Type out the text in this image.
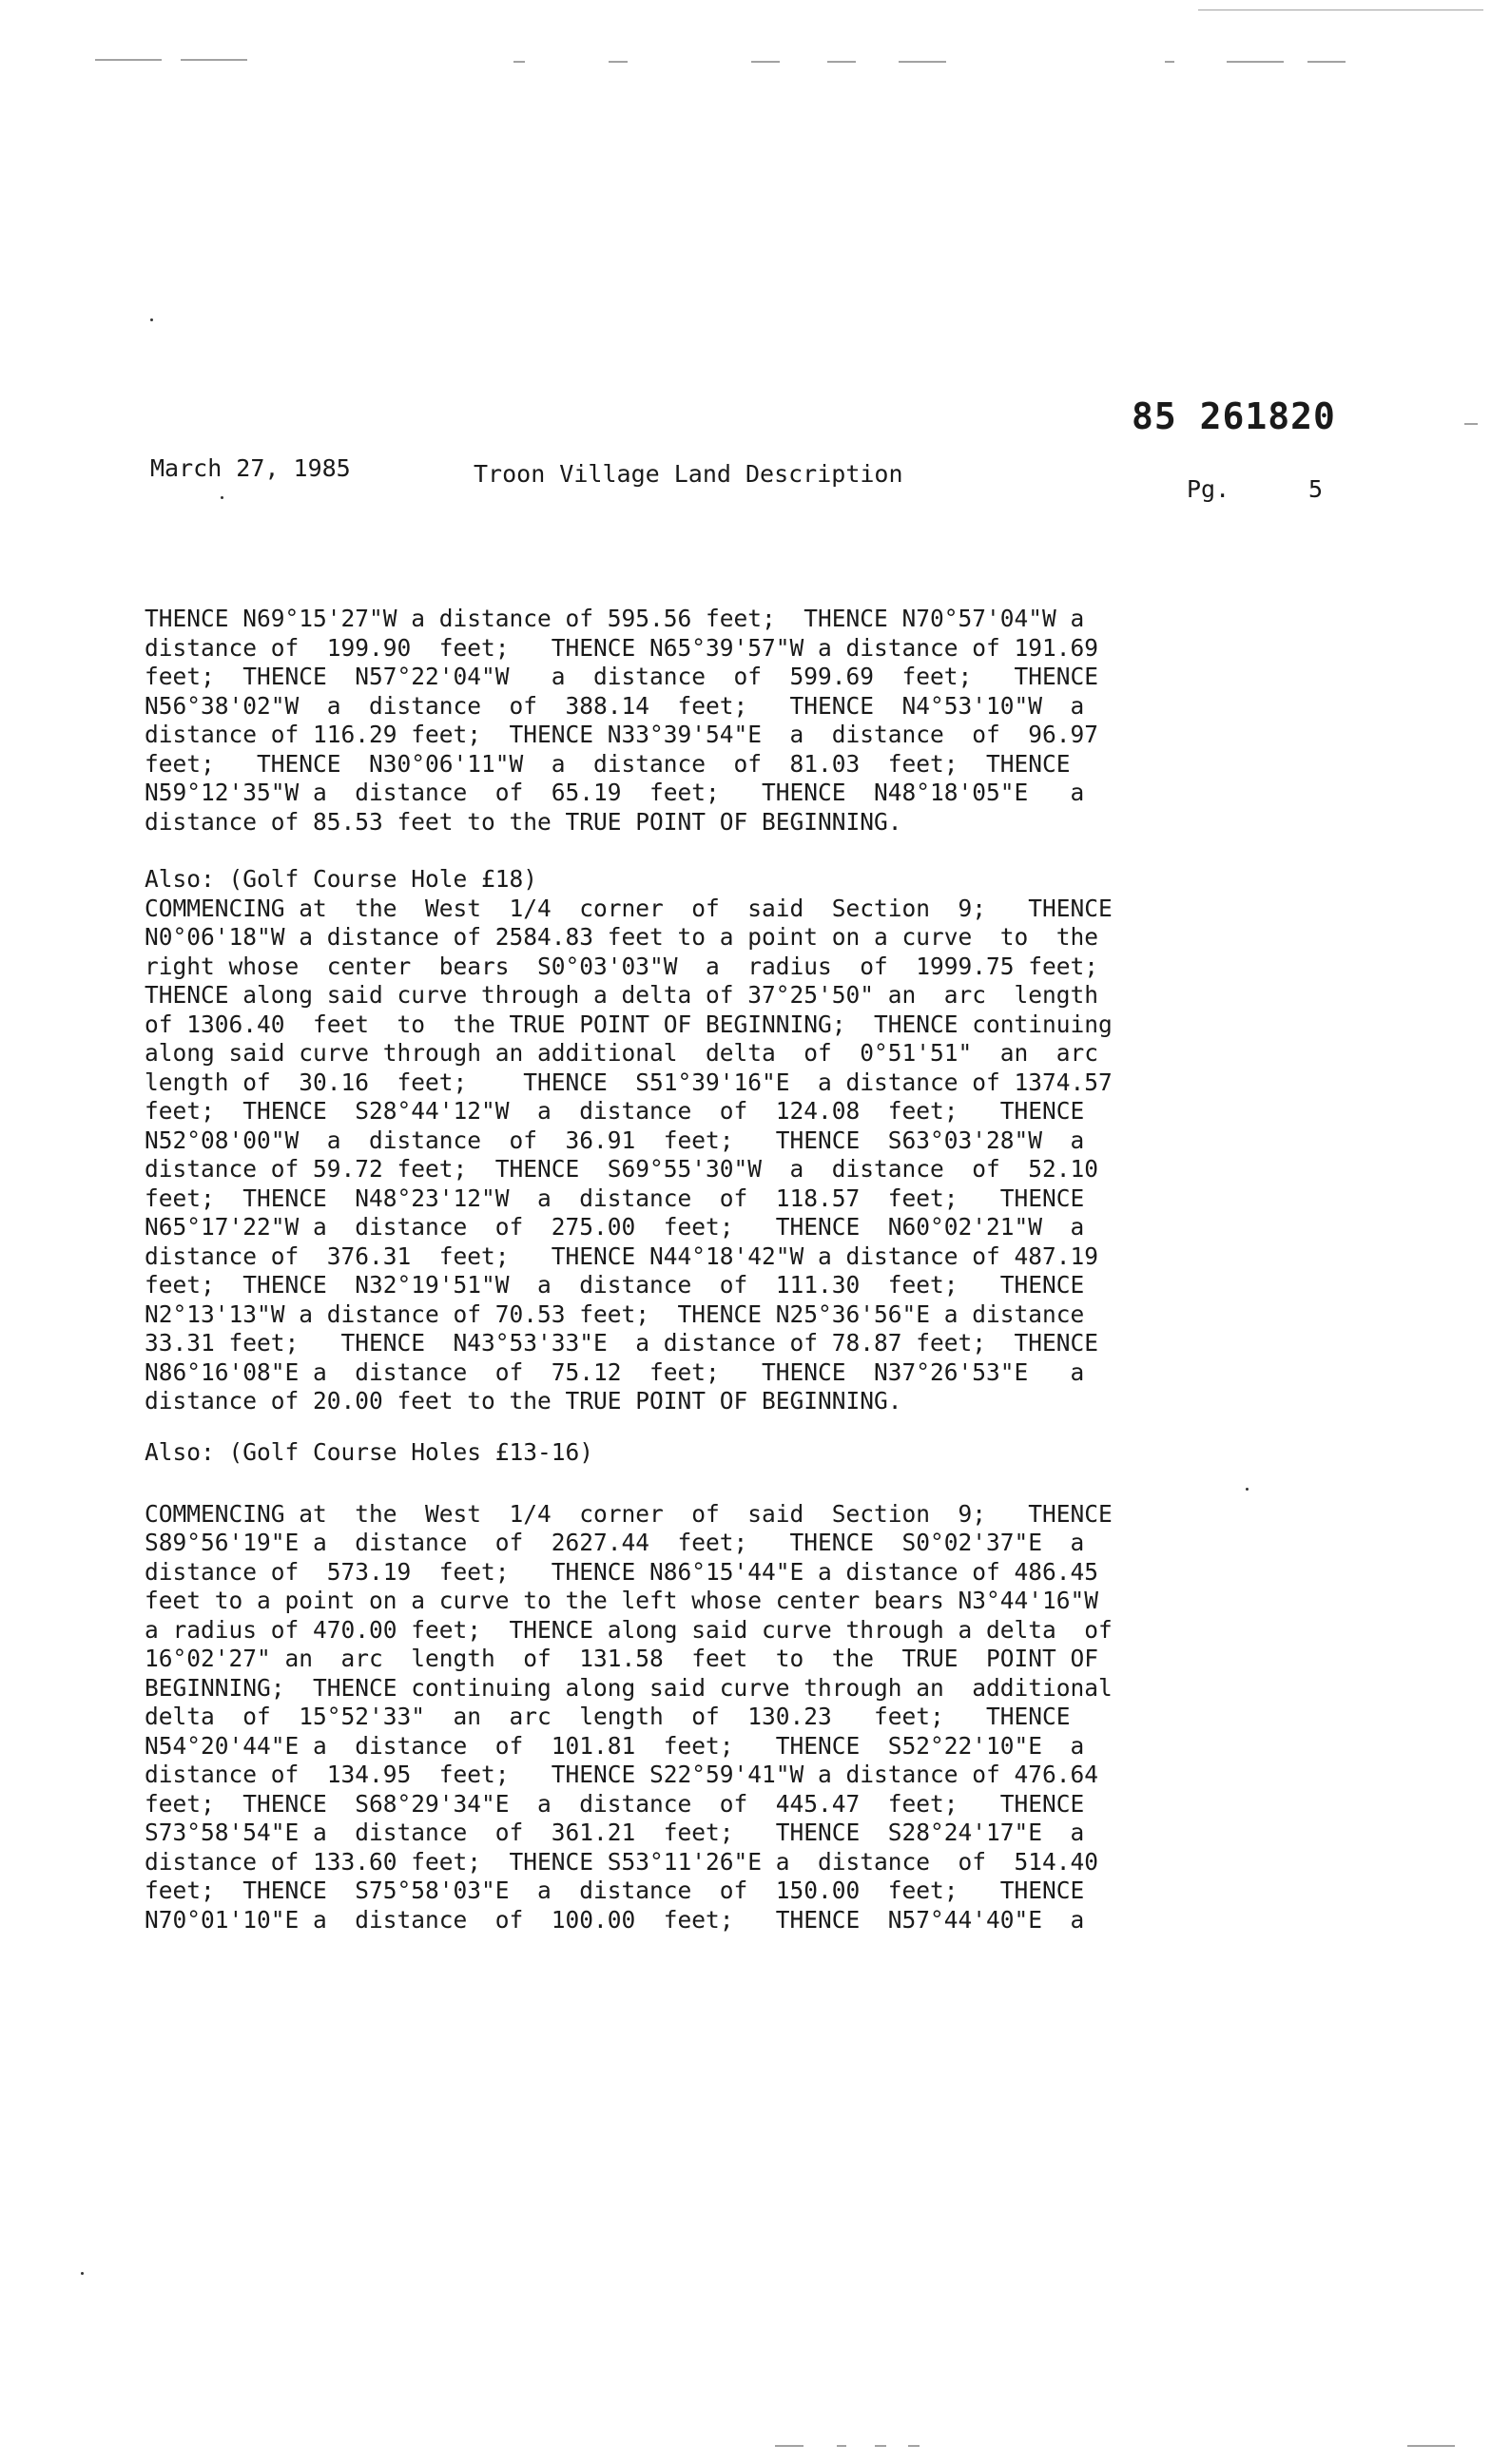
85 261820
March 27, 1985	Troon Village Land Description
Pg.	5

THENCE N69°15'27"W a distance of 595.56 feet;  THENCE N70°57'04"W a
distance of  199.90  feet;   THENCE N65°39'57"W a distance of 191.69
feet;  THENCE  N57°22'04"W   a  distance  of  599.69  feet;   THENCE
N56°38'02"W  a  distance  of  388.14  feet;   THENCE  N4°53'10"W  a
distance of 116.29 feet;  THENCE N33°39'54"E  a  distance  of  96.97
feet;   THENCE  N30°06'11"W  a  distance  of  81.03  feet;  THENCE
N59°12'35"W a  distance  of  65.19  feet;   THENCE  N48°18'05"E   a
distance of 85.53 feet to the TRUE POINT OF BEGINNING.

Also: (Golf Course Hole £18)

COMMENCING at  the  West  1/4  corner  of  said  Section  9;   THENCE
N0°06'18"W a distance of 2584.83 feet to a point on a curve  to  the
right whose  center  bears  S0°03'03"W  a  radius  of  1999.75 feet;
THENCE along said curve through a delta of 37°25'50" an  arc  length
of 1306.40  feet  to  the TRUE POINT OF BEGINNING;  THENCE continuing
along said curve through an additional  delta  of  0°51'51"  an  arc
length of  30.16  feet;    THENCE  S51°39'16"E  a distance of 1374.57
feet;  THENCE  S28°44'12"W  a  distance  of  124.08  feet;   THENCE
N52°08'00"W  a  distance  of  36.91  feet;   THENCE  S63°03'28"W  a
distance of 59.72 feet;  THENCE  S69°55'30"W  a  distance  of  52.10
feet;  THENCE  N48°23'12"W  a  distance  of  118.57  feet;   THENCE
N65°17'22"W a  distance  of  275.00  feet;   THENCE  N60°02'21"W  a
distance of  376.31  feet;   THENCE N44°18'42"W a distance of 487.19
feet;  THENCE  N32°19'51"W  a  distance  of  111.30  feet;   THENCE
N2°13'13"W a distance of 70.53 feet;  THENCE N25°36'56"E a distance
33.31 feet;   THENCE  N43°53'33"E  a distance of 78.87 feet;  THENCE
N86°16'08"E a  distance  of  75.12  feet;   THENCE  N37°26'53"E   a
distance of 20.00 feet to the TRUE POINT OF BEGINNING.

Also: (Golf Course Holes £13-16)

COMMENCING at  the  West  1/4  corner  of  said  Section  9;   THENCE
S89°56'19"E a  distance  of  2627.44  feet;   THENCE  S0°02'37"E  a
distance of  573.19  feet;   THENCE N86°15'44"E a distance of 486.45
feet to a point on a curve to the left whose center bears N3°44'16"W
a radius of 470.00 feet;  THENCE along said curve through a delta  of
16°02'27" an  arc  length  of  131.58  feet  to  the  TRUE  POINT OF
BEGINNING;  THENCE continuing along said curve through an  additional
delta  of  15°52'33"  an  arc  length  of  130.23   feet;   THENCE
N54°20'44"E a  distance  of  101.81  feet;   THENCE  S52°22'10"E  a
distance of  134.95  feet;   THENCE S22°59'41"W a distance of 476.64
feet;  THENCE  S68°29'34"E  a  distance  of  445.47  feet;   THENCE
S73°58'54"E a  distance  of  361.21  feet;   THENCE  S28°24'17"E  a
distance of 133.60 feet;  THENCE S53°11'26"E a  distance  of  514.40
feet;  THENCE  S75°58'03"E  a  distance  of  150.00  feet;   THENCE
N70°01'10"E a  distance  of  100.00  feet;   THENCE  N57°44'40"E  a
